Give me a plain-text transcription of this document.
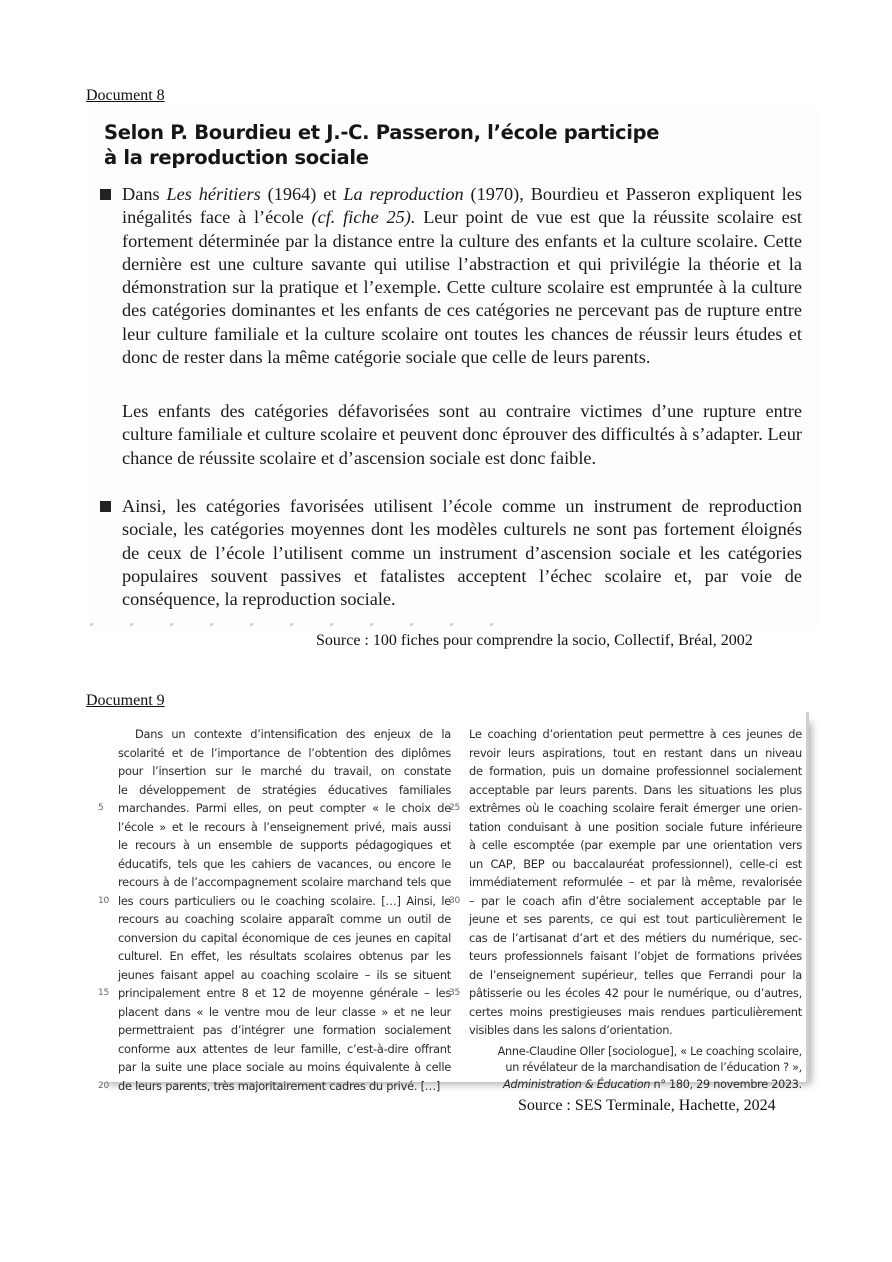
Document 8
Selon P. Bourdieu et J.-C. Passeron, l’école participe
à la reproduction sociale
Dans Les héritiers (1964) et La reproduction (1970), Bourdieu et Passeron expliquent les inégalités face à l’école (cf. fiche 25). Leur point de vue est que la réussite scolaire est fortement déterminée par la distance entre la culture des enfants et la culture scolaire. Cette dernière est une culture savante qui utilise l’abstraction et qui privilégie la théorie et la démonstration sur la pratique et l’exemple. Cette culture scolaire est empruntée à la culture des catégories dominantes et les enfants de ces catégories ne percevant pas de rupture entre leur culture familiale et la culture scolaire ont toutes les chances de réussir leurs études et donc de rester dans la même catégorie sociale que celle de leurs parents.
Les enfants des catégories défavorisées sont au contraire victimes d’une rupture entre culture familiale et culture scolaire et peuvent donc éprouver des difficultés à s’adapter. Leur chance de réussite scolaire et d’ascension sociale est donc faible.
Ainsi, les catégories favorisées utilisent l’école comme un instrument de reproduction sociale, les catégories moyennes dont les modèles culturels ne sont pas fortement éloignés de ceux de l’école l’utilisent comme un instrument d’ascension sociale et les catégories populaires souvent passives et fatalistes acceptent l’échec scolaire et, par voie de conséquence, la reproduction sociale.
Source : 100 fiches pour comprendre la socio, Collectif, Bréal, 2002
Document 9
Dans un contexte d’intensification des enjeux de la
scolarité et de l’importance de l’obtention des diplômes
pour l’insertion sur le marché du travail, on constate
le développement de stratégies éducatives familiales
5 marchandes. Parmi elles, on peut compter « le choix de
l’école » et le recours à l’enseignement privé, mais aussi
le recours à un ensemble de supports pédagogiques et
éducatifs, tels que les cahiers de vacances, ou encore le
recours à de l’accompagnement scolaire marchand tels que
10 les cours particuliers ou le coaching scolaire. […] Ainsi, le
recours au coaching scolaire apparaît comme un outil de
conversion du capital économique de ces jeunes en capital
culturel. En effet, les résultats scolaires obtenus par les
jeunes faisant appel au coaching scolaire – ils se situent
15 principalement entre 8 et 12 de moyenne générale – les
placent dans « le ventre mou de leur classe » et ne leur
permettraient pas d’intégrer une formation socialement
conforme aux attentes de leur famille, c’est-à-dire offrant
par la suite une place sociale au moins équivalente à celle
20 de leurs parents, très majoritairement cadres du privé. […]
Le coaching d’orientation peut permettre à ces jeunes de
revoir leurs aspirations, tout en restant dans un niveau
de formation, puis un domaine professionnel socialement
acceptable par leurs parents. Dans les situations les plus
25 extrêmes où le coaching scolaire ferait émerger une orien-
tation conduisant à une position sociale future inférieure
à celle escomptée (par exemple par une orientation vers
un CAP, BEP ou baccalauréat professionnel), celle-ci est
immédiatement reformulée – et par là même, revalorisée
30 – par le coach afin d’être socialement acceptable par le
jeune et ses parents, ce qui est tout particulièrement le
cas de l’artisanat d’art et des métiers du numérique, sec-
teurs professionnels faisant l’objet de formations privées
de l’enseignement supérieur, telles que Ferrandi pour la
35 pâtisserie ou les écoles 42 pour le numérique, ou d’autres,
certes moins prestigieuses mais rendues particulièrement
visibles dans les salons d’orientation.
Anne-Claudine Oller [sociologue], « Le coaching scolaire,
un révélateur de la marchandisation de l’éducation ? »,
Administration & Éducation n° 180, 29 novembre 2023.
Source : SES Terminale, Hachette, 2024
